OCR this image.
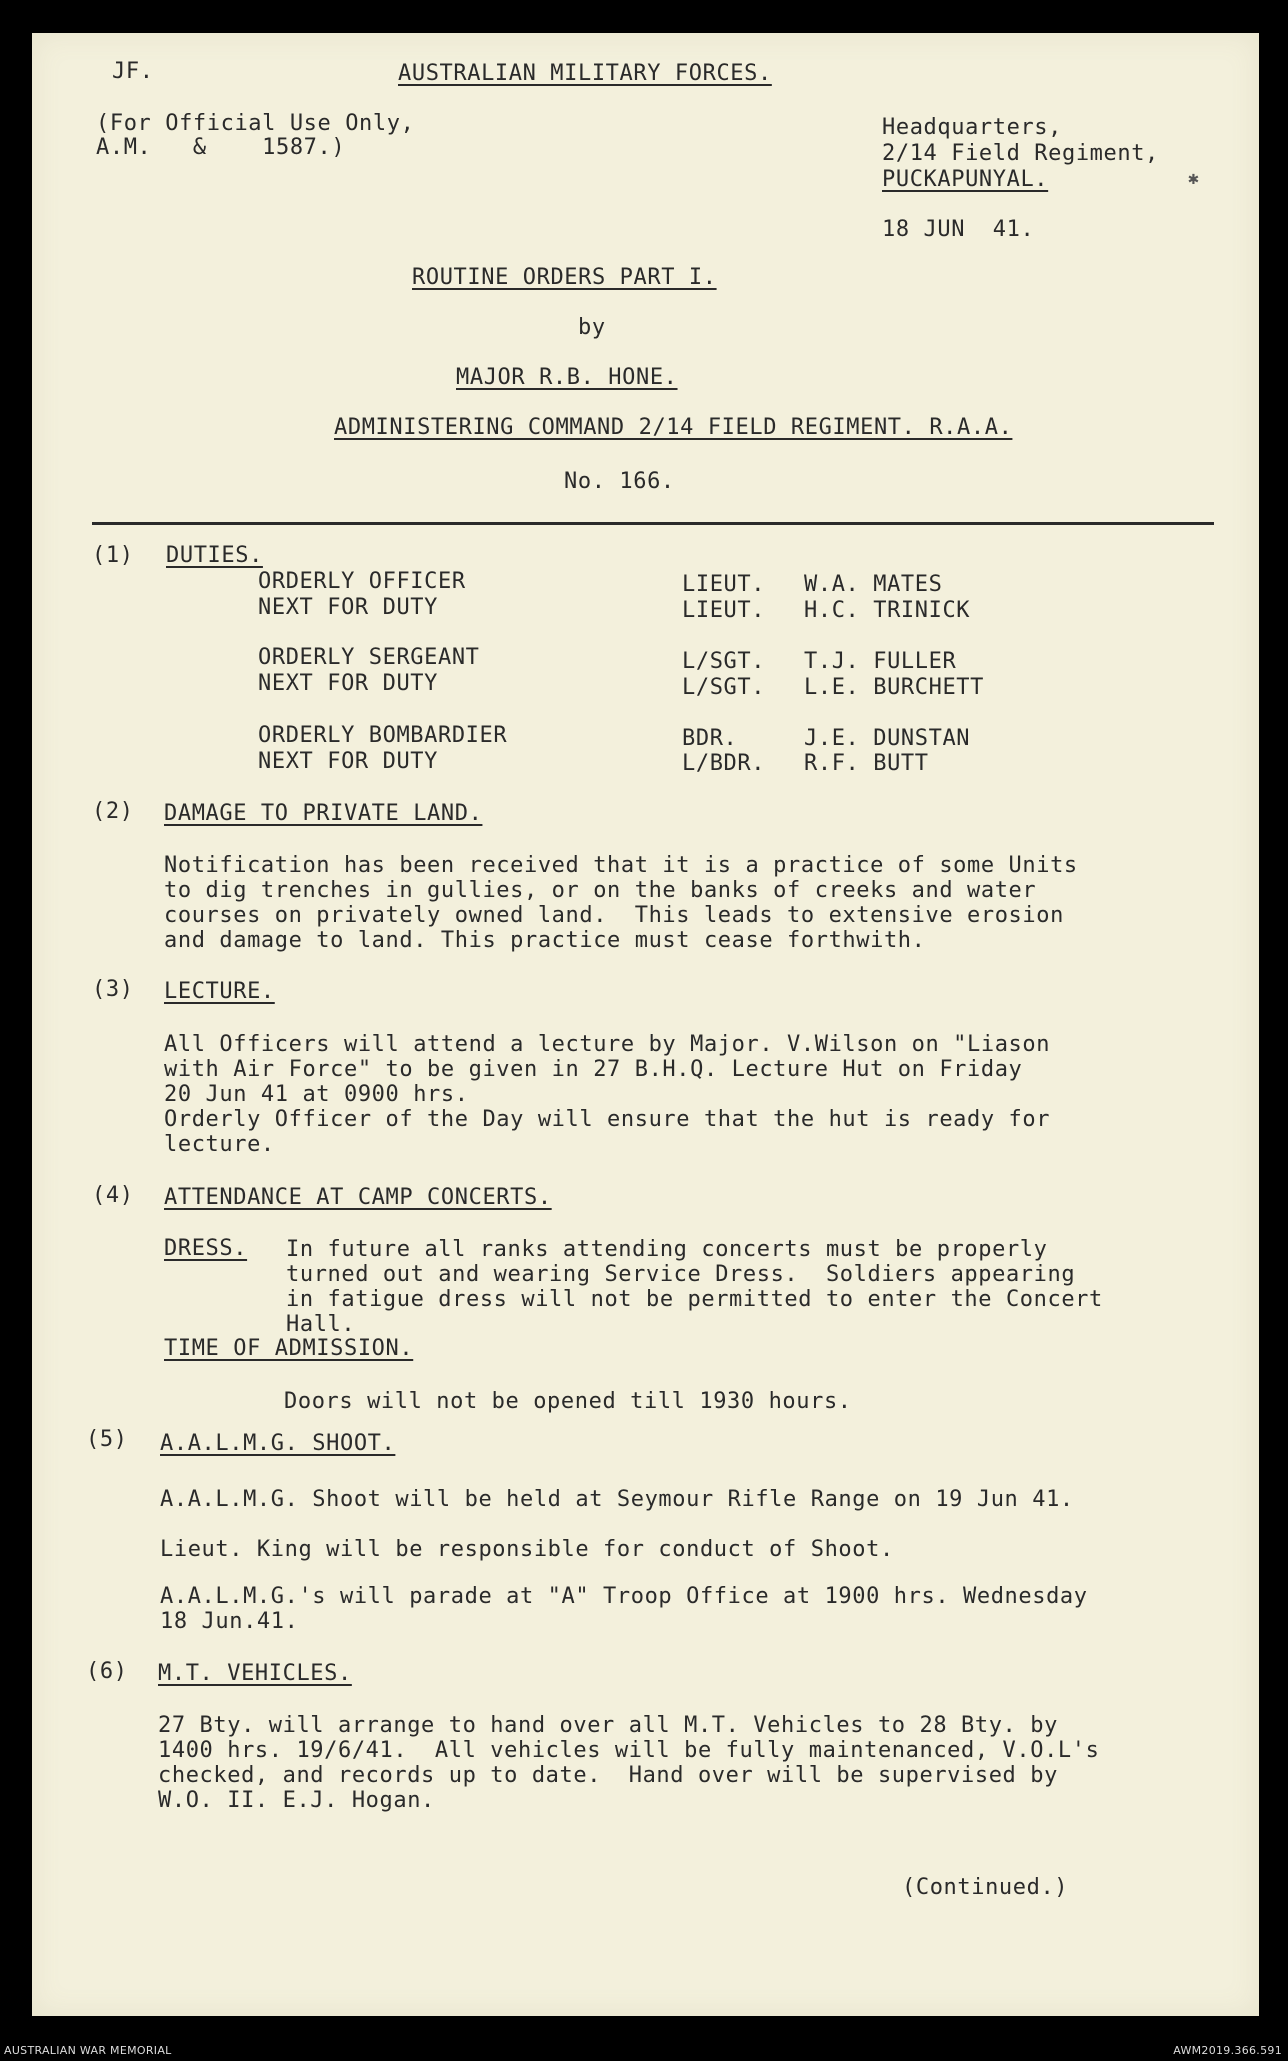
JF.	AUSTRALIAN MILITARY FORCES.
(For Official Use Only,
A.M.   &    1587.)
Headquarters,
2/14 Field Regiment,
PUCKAPUNYAL.	✱
18 JUN  41.
ROUTINE ORDERS PART I.
by
MAJOR R.B. HONE.
ADMINISTERING COMMAND 2/14 FIELD REGIMENT. R.A.A.
No. 166.
(1) DUTIES.
ORDERLY OFFICER	LIEUT. W.A. MATES
NEXT FOR DUTY	LIEUT. H.C. TRINICK
ORDERLY SERGEANT	L/SGT. T.J. FULLER
NEXT FOR DUTY	L/SGT. L.E. BURCHETT
ORDERLY BOMBARDIER	BDR.	J.E. DUNSTAN
NEXT FOR DUTY	L/BDR. R.F. BUTT
(2) DAMAGE TO PRIVATE LAND.
Notification has been received that it is a practice of some Units
to dig trenches in gullies, or on the banks of creeks and water
courses on privately owned land.  This leads to extensive erosion
and damage to land. This practice must cease forthwith.
(3) LECTURE.
All Officers will attend a lecture by Major. V.Wilson on "Liason
with Air Force" to be given in 27 B.H.Q. Lecture Hut on Friday
20 Jun 41 at 0900 hrs.
Orderly Officer of the Day will ensure that the hut is ready for
lecture.
(4) ATTENDANCE AT CAMP CONCERTS.
DRESS. In future all ranks attending concerts must be properly
turned out and wearing Service Dress.  Soldiers appearing
in fatigue dress will not be permitted to enter the Concert
Hall.
TIME OF ADMISSION.
Doors will not be opened till 1930 hours.
(5) A.A.L.M.G. SHOOT.
A.A.L.M.G. Shoot will be held at Seymour Rifle Range on 19 Jun 41.
Lieut. King will be responsible for conduct of Shoot.
A.A.L.M.G.'s will parade at "A" Troop Office at 1900 hrs. Wednesday
18 Jun.41.
(6) M.T. VEHICLES.
27 Bty. will arrange to hand over all M.T. Vehicles to 28 Bty. by
1400 hrs. 19/6/41.  All vehicles will be fully maintenanced, V.O.L's
checked, and records up to date.  Hand over will be supervised by
W.O. II. E.J. Hogan.
(Continued.)
AUSTRALIAN WAR MEMORIAL	AWM2019.366.591
